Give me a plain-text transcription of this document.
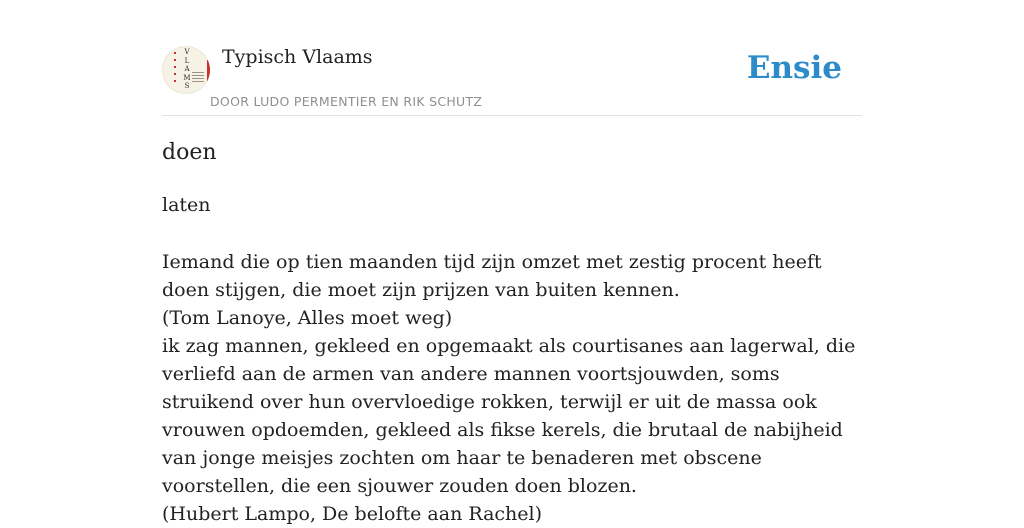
V
L
A
M
S
Typisch Vlaams
DOOR LUDO PERMENTIER EN RIK SCHUTZ
Ensie
doen
laten

Iemand die op tien maanden tijd zijn omzet met zestig procent heeft doen stijgen, die moet zijn prijzen van buiten kennen.

(Tom Lanoye, Alles moet weg)

ik zag mannen, gekleed en opgemaakt als courtisanes aan lagerwal, die verliefd aan de armen van andere mannen voortsjouwden, soms struikend over hun overvloedige rokken, terwijl er uit de massa ook vrouwen opdoemden, gekleed als fikse kerels, die brutaal de nabijheid van jonge meisjes zochten om haar te benaderen met obscene voorstellen, die een sjouwer zouden doen blozen.

(Hubert Lampo, De belofte aan Rachel)
